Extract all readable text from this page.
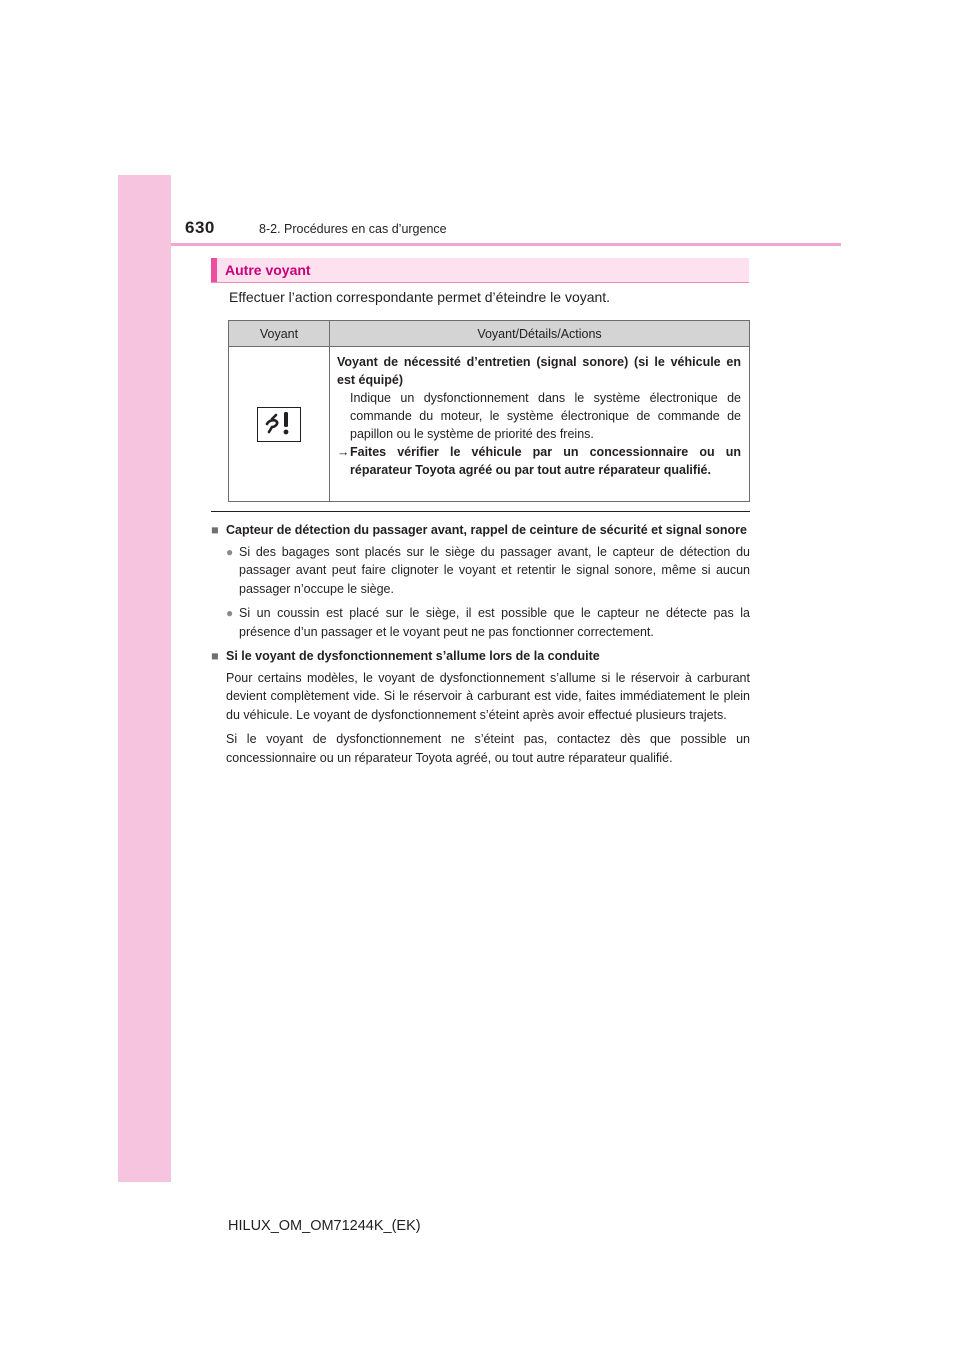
630	8-2. Procédures en cas d’urgence
Autre voyant
Effectuer l’action correspondante permet d’éteindre le voyant.
Voyant	Voyant/Détails/Actions

Voyant de nécessité d’entretien (signal sonore) (si le véhicule en est équipé)
Indique un dysfonctionnement dans le système électronique de commande du moteur, le système électronique de commande de papillon ou le système de priorité des freins.
→ Faites vérifier le véhicule par un concessionnaire ou un réparateur Toyota agréé ou par tout autre réparateur qualifié.
■ Capteur de détection du passager avant, rappel de ceinture de sécurité et signal sonore
● Si des bagages sont placés sur le siège du passager avant, le capteur de détection du passager avant peut faire clignoter le voyant et retentir le signal sonore, même si aucun passager n’occupe le siège.
● Si un coussin est placé sur le siège, il est possible que le capteur ne détecte pas la présence d’un passager et le voyant peut ne pas fonctionner correctement.
■ Si le voyant de dysfonctionnement s’allume lors de la conduite
Pour certains modèles, le voyant de dysfonctionnement s’allume si le réservoir à carburant devient complètement vide. Si le réservoir à carburant est vide, faites immédiatement le plein du véhicule. Le voyant de dysfonctionnement s’éteint après avoir effectué plusieurs trajets.
Si le voyant de dysfonctionnement ne s’éteint pas, contactez dès que possible un concessionnaire ou un réparateur Toyota agréé, ou tout autre réparateur qualifié.
HILUX_OM_OM71244K_(EK)
